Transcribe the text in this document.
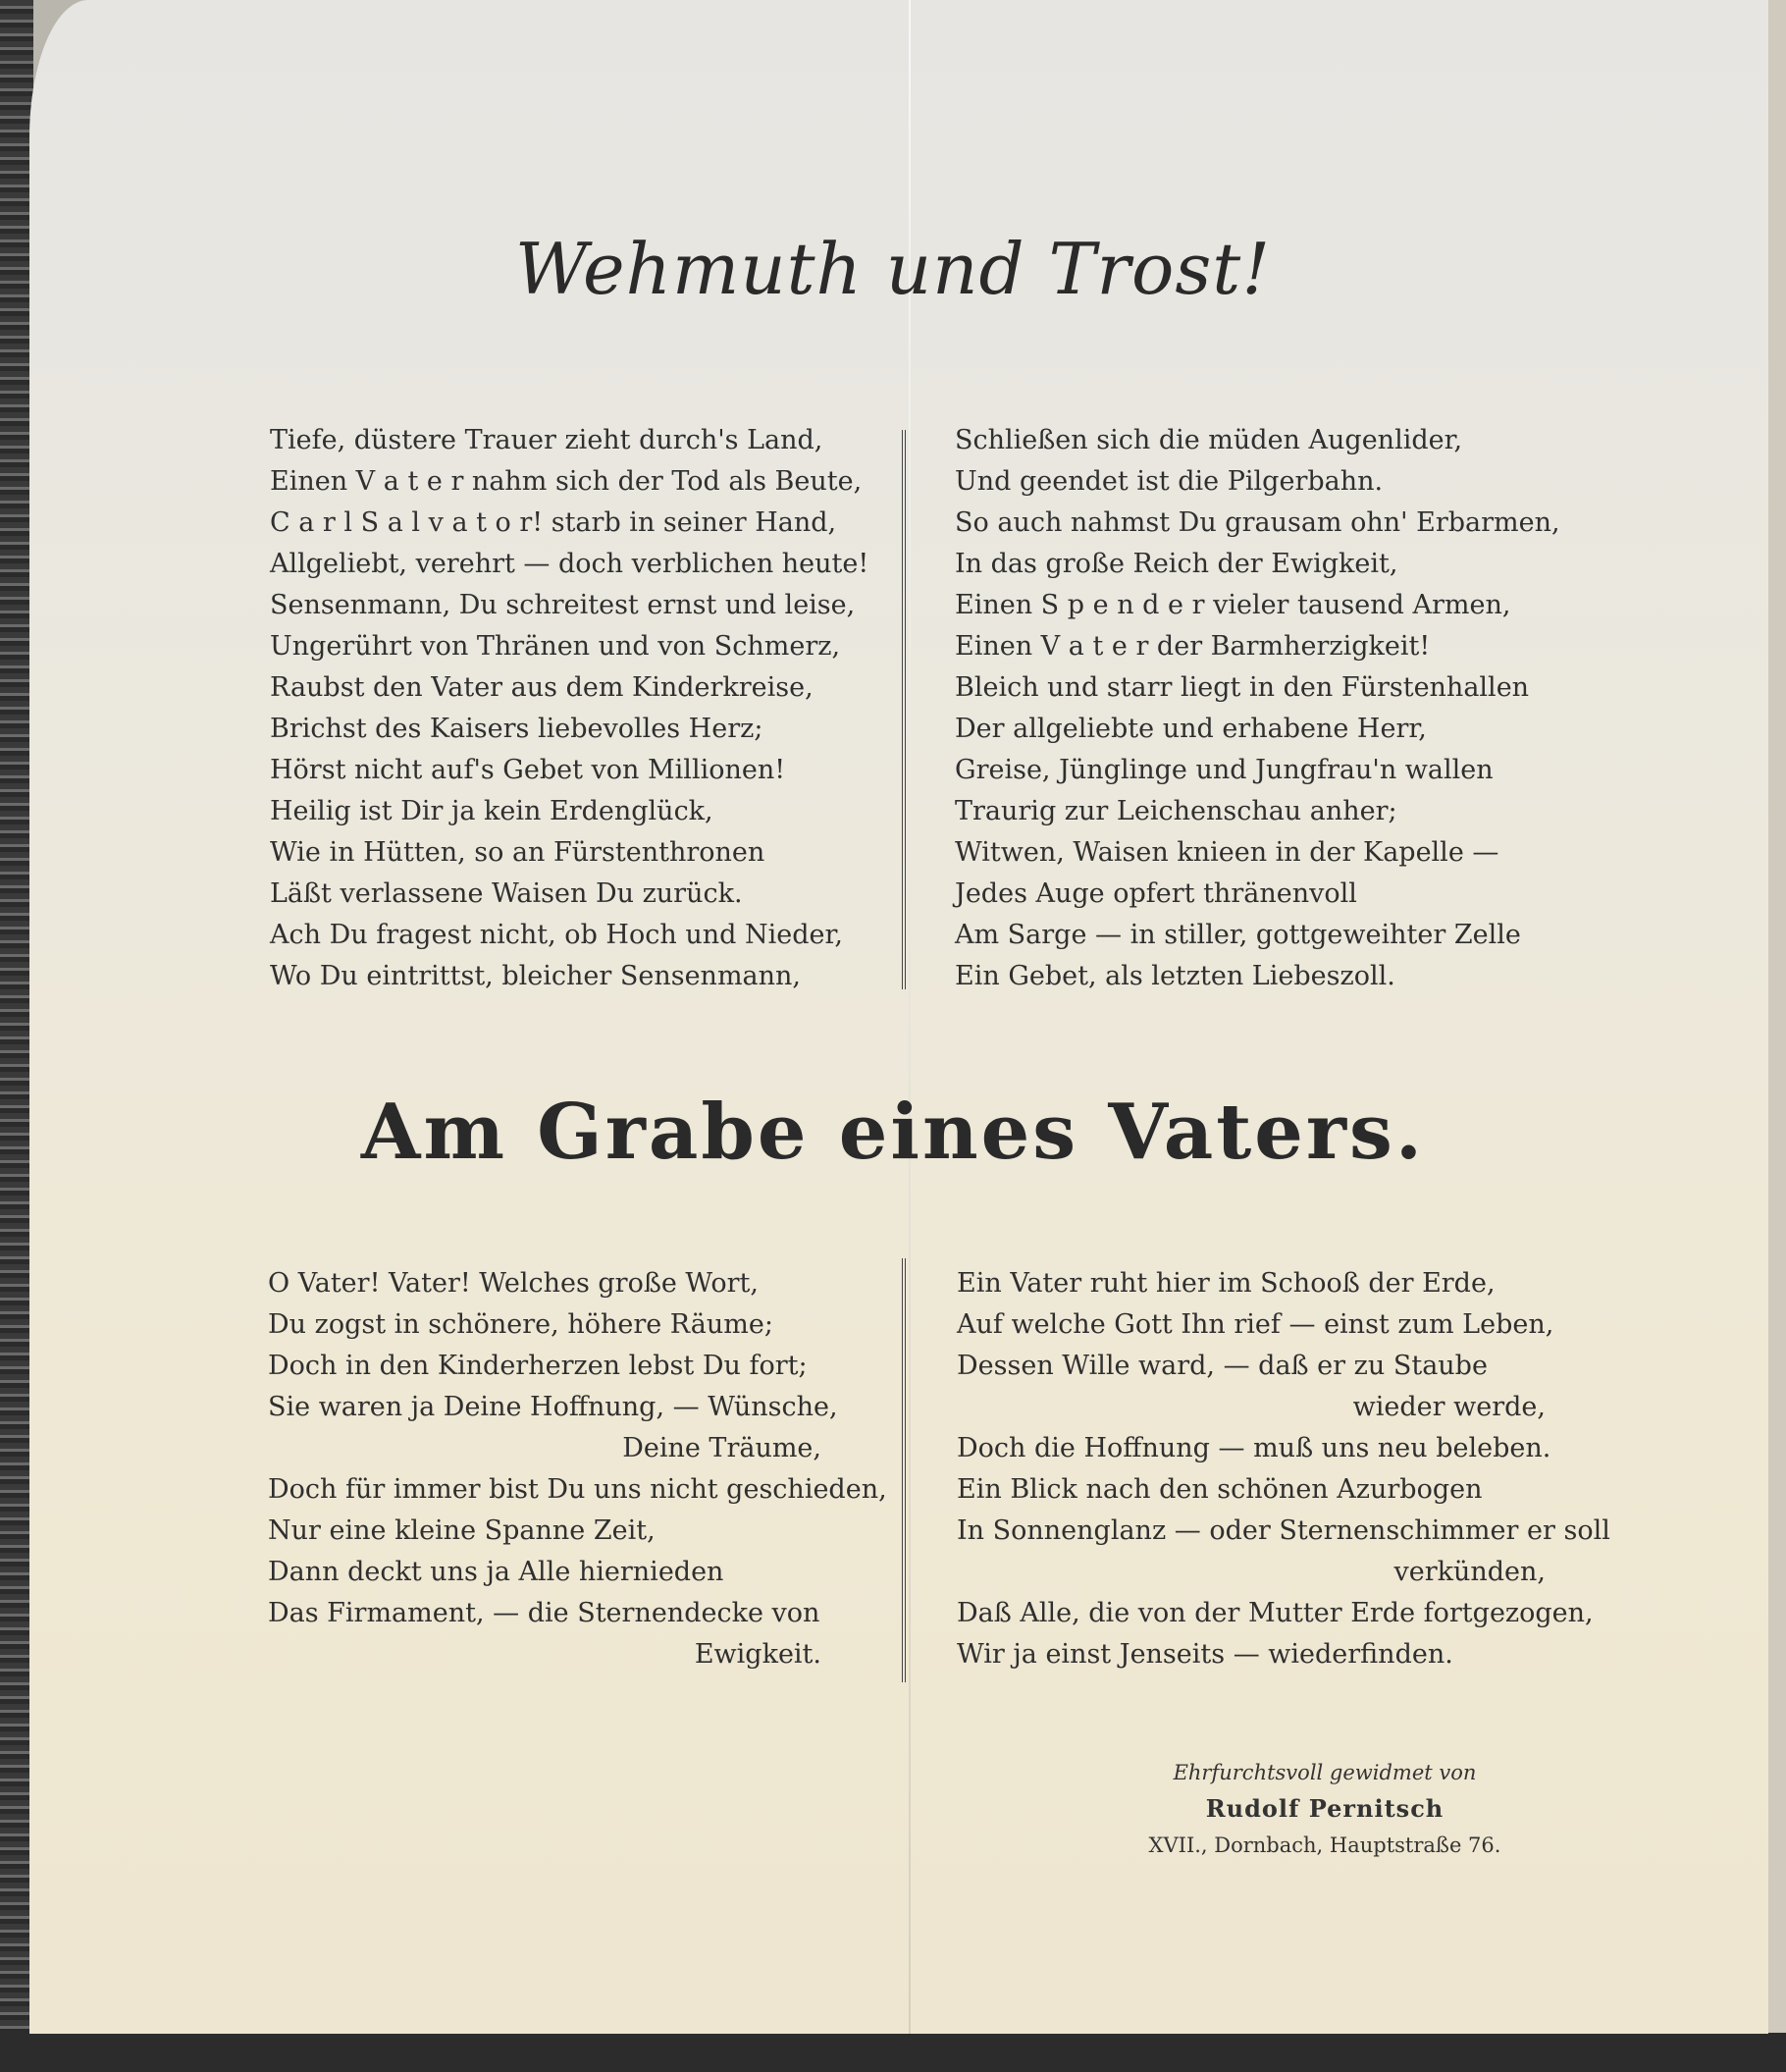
Wehmuth und Trost!
Tiefe, düstere Trauer zieht durch's Land,
Einen V a t e r nahm sich der Tod als Beute,
C a r l S a l v a t o r! starb in seiner Hand,
Allgeliebt, verehrt — doch verblichen heute!
Sensenmann, Du schreitest ernst und leise,
Ungerührt von Thränen und von Schmerz,
Raubst den Vater aus dem Kinderkreise,
Brichst des Kaisers liebevolles Herz;
Hörst nicht auf's Gebet von Millionen!
Heilig ist Dir ja kein Erdenglück,
Wie in Hütten, so an Fürstenthronen
Läßt verlassene Waisen Du zurück.
Ach Du fragest nicht, ob Hoch und Nieder,
Wo Du eintrittst, bleicher Sensenmann,
Schließen sich die müden Augenlider,
Und geendet ist die Pilgerbahn.
So auch nahmst Du grausam ohn' Erbarmen,
In das große Reich der Ewigkeit,
Einen S p e n d e r vieler tausend Armen,
Einen V a t e r der Barmherzigkeit!
Bleich und starr liegt in den Fürstenhallen
Der allgeliebte und erhabene Herr,
Greise, Jünglinge und Jungfrau'n wallen
Traurig zur Leichenschau anher;
Witwen, Waisen knieen in der Kapelle —
Jedes Auge opfert thränenvoll
Am Sarge — in stiller, gottgeweihter Zelle
Ein Gebet, als letzten Liebeszoll.
Am Grabe eines Vaters.
O Vater! Vater! Welches große Wort,
Du zogst in schönere, höhere Räume;
Doch in den Kinderherzen lebst Du fort;
Sie waren ja Deine Hoffnung, — Wünsche,
Deine Träume,
Doch für immer bist Du uns nicht geschieden,
Nur eine kleine Spanne Zeit,
Dann deckt uns ja Alle hiernieden
Das Firmament, — die Sternendecke von
Ewigkeit.
Ein Vater ruht hier im Schooß der Erde,
Auf welche Gott Ihn rief — einst zum Leben,
Dessen Wille ward, — daß er zu Staube
wieder werde,
Doch die Hoffnung — muß uns neu beleben.
Ein Blick nach den schönen Azurbogen
In Sonnenglanz — oder Sternenschimmer er soll
verkünden,
Daß Alle, die von der Mutter Erde fortgezogen,
Wir ja einst Jenseits — wiederfinden.

Ehrfurchtsvoll gewidmet von
Rudolf Pernitsch
XVII., Dornbach, Hauptstraße 76.
